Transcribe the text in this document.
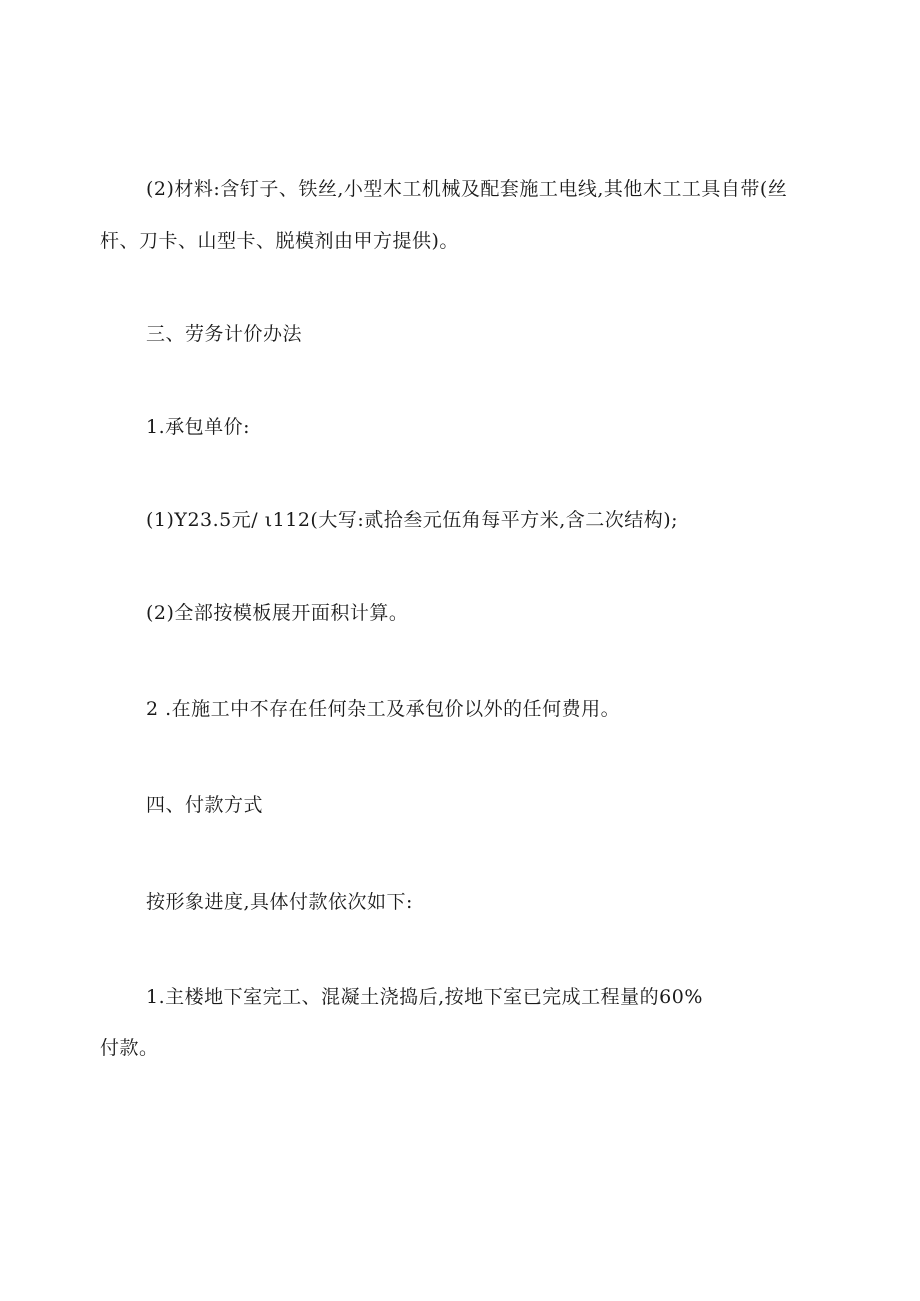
(2)材料:含钉子、铁丝,小型木工机械及配套施工电线,其他木工工具自带(丝
杆、刀卡、山型卡、脱模剂由甲方提供)。
三、劳务计价办法
1.承包单价:
(1)Y23.5元/ ι112(大写:贰拾叁元伍角每平方米,含二次结构);
(2)全部按模板展开面积计算。
2 .在施工中不存在任何杂工及承包价以外的任何费用。
四、付款方式
按形象进度,具体付款依次如下:
1.主楼地下室完工、混凝土浇捣后,按地下室已完成工程量的60%
付款。
